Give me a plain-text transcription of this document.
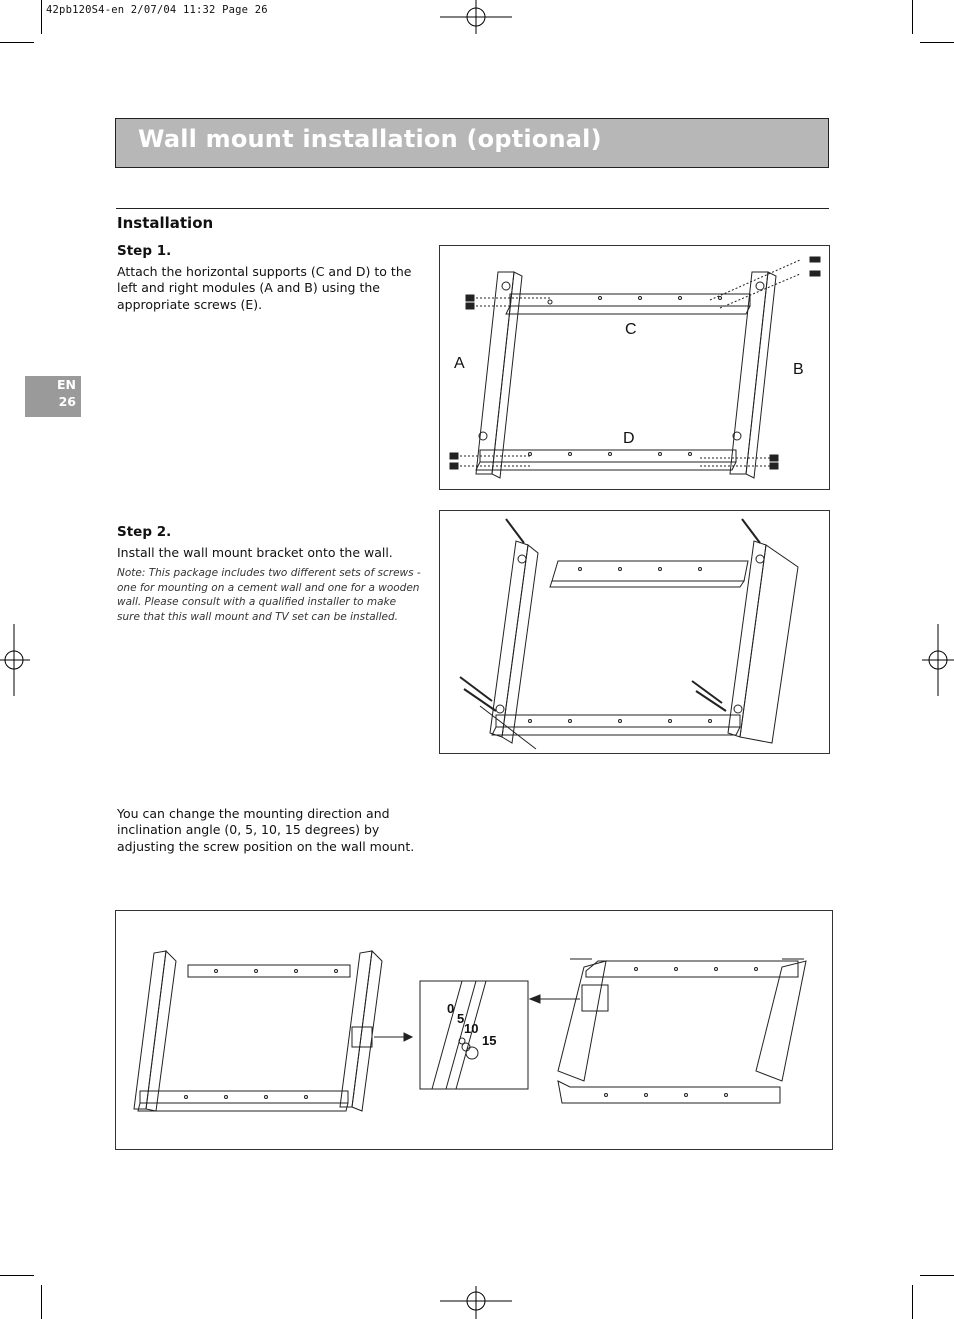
42pb120S4-en 2/07/04 11:32 Page 26
Wall mount installation (optional)
Installation
EN
26
Step 1.
Attach the horizontal supports (C and D) to the left and right modules (A and B) using the appropriate screws (E).
C
A	B
D
Step 2.
Install the wall mount bracket onto the wall.
Note: This package includes two different sets of screws - one for mounting on a cement wall and one for a wooden wall. Please consult with a qualified installer to make sure that this wall mount and TV set can be installed.
You can change the mounting direction and inclination angle (0, 5, 10, 15 degrees) by adjusting the screw position on the wall mount.
0
5
10
15
